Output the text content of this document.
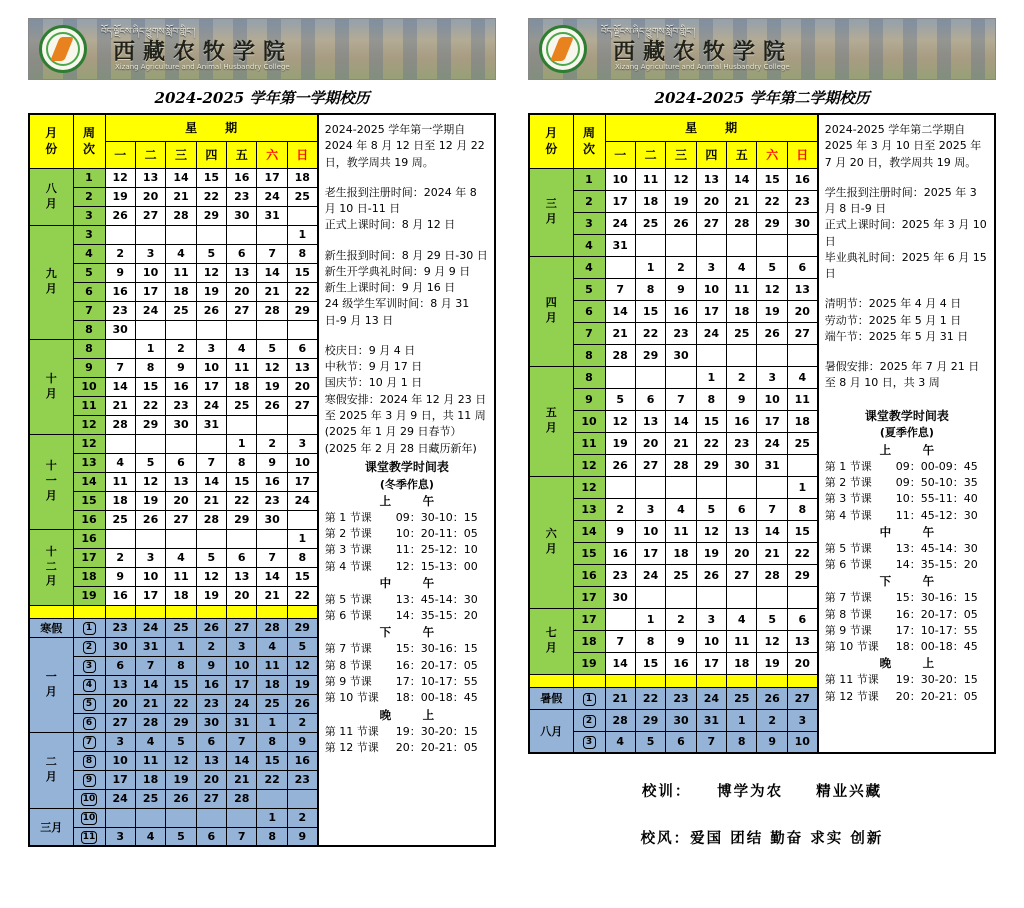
བོད་ལྗོངས་ཞིང་ཕྱུགས་སློབ་གླིང་།
西藏农牧学院
Xizang Agriculture and Animal Husbandry College
2024-2025 学年第一学期校历
月份	周次	星期						
		一	二	三	四	五	六	日

八月	1	12	13	14	15	16	17	18
	2	19	20	21	22	23	24	25
	3	26	27	28	29	30	31	

九月	3							1
	4	2	3	4	5	6	7	8
	5	9	10	11	12	13	14	15
	6	16	17	18	19	20	21	22
	7	23	24	25	26	27	28	29
	8	30						

十月	8		1	2	3	4	5	6
	9	7	8	9	10	11	12	13
	10	14	15	16	17	18	19	20
	11	21	22	23	24	25	26	27
	12	28	29	30	31			

十一月	12					1	2	3
	13	4	5	6	7	8	9	10
	14	11	12	13	14	15	16	17
	15	18	19	20	21	22	23	24
	16	25	26	27	28	29	30	

十二月	16							1
	17	2	3	4	5	6	7	8
	18	9	10	11	12	13	14	15
	19	16	17	18	19	20	21	22

寒假	1	23	24	25	26	27	28	29

一月	2	30	31	1	2	3	4	5
	3	6	7	8	9	10	11	12
	4	13	14	15	16	17	18	19
	5	20	21	22	23	24	25	26
	6	27	28	29	30	31	1	2

二月	7	3	4	5	6	7	8	9
	8	10	11	12	13	14	15	16
	9	17	18	19	20	21	22	23
	10	24	25	26	27	28		

三月	10						1	2
	11	3	4	5	6	7	8	9
2024-2025 学年第一学期自 2024 年 8 月 12 日至 12 月 22 日，教学周共 19 周。
老生报到注册时间：2024 年 8 月 10 日-11 日
正式上课时间：8 月 12 日
新生报到时间：8 月 29 日-30 日
新生开学典礼时间：9 月 9 日
新生上课时间：9 月 16 日
24 级学生军训时间：8 月 31 日-9 月 13 日
校庆日：9 月 4 日
中秋节：9 月 17 日
国庆节：10 月 1 日
寒假安排：2024 年 12 月 23 日至 2025 年 3 月 9 日，共 11 周
(2025 年 1 月 29 日春节）
(2025 年 2 月 28 日藏历新年)
课堂教学时间表
(冬季作息)
上　午
第 1 节课	09：30-10：15
第 2 节课	10：20-11：05
第 3 节课	11：25-12：10
第 4 节课	12：15-13：00
中　午
第 5 节课	13：45-14：30
第 6 节课	14：35-15：20
下　午
第 7 节课	15：30-16：15
第 8 节课	16：20-17：05
第 9 节课	17：10-17：55
第 10 节课	18：00-18：45
晚　上
第 11 节课	19：30-20：15
第 12 节课	20：20-21：05
བོད་ལྗོངས་ཞིང་ཕྱུགས་སློབ་གླིང་།
西藏农牧学院
Xizang Agriculture and Animal Husbandry College
2024-2025 学年第二学期校历
月份	周次	星期						
		一	二	三	四	五	六	日

三月	1	10	11	12	13	14	15	16
	2	17	18	19	20	21	22	23
	3	24	25	26	27	28	29	30
	4	31						

四月	4		1	2	3	4	5	6
	5	7	8	9	10	11	12	13
	6	14	15	16	17	18	19	20
	7	21	22	23	24	25	26	27
	8	28	29	30				

五月	8				1	2	3	4
	9	5	6	7	8	9	10	11
	10	12	13	14	15	16	17	18
	11	19	20	21	22	23	24	25
	12	26	27	28	29	30	31	

六月	12							1
	13	2	3	4	5	6	7	8
	14	9	10	11	12	13	14	15
	15	16	17	18	19	20	21	22
	16	23	24	25	26	27	28	29
	17	30						

七月	17		1	2	3	4	5	6
	18	7	8	9	10	11	12	13
	19	14	15	16	17	18	19	20

暑假	1	21	22	23	24	25	26	27

八月	2	28	29	30	31	1	2	3
	3	4	5	6	7	8	9	10
2024-2025 学年第二学期自 2025 年 3 月 10 日至 2025 年 7 月 20 日，教学周共 19 周。
学生报到注册时间：2025 年 3 月 8 日-9 日
正式上课时间：2025 年 3 月 10 日
毕业典礼时间：2025 年 6 月 15 日
清明节：2025 年 4 月 4 日
劳动节：2025 年 5 月 1 日
端午节：2025 年 5 月 31 日
暑假安排：2025 年 7 月 21 日至 8 月 10 日，共 3 周
课堂教学时间表
(夏季作息)
上　午
第 1 节课	09：00-09：45
第 2 节课	09：50-10：35
第 3 节课	10：55-11：40
第 4 节课	11：45-12：30
中　午
第 5 节课	13：45-14：30
第 6 节课	14：35-15：20
下　午
第 7 节课	15：30-16：15
第 8 节课	16：20-17：05
第 9 节课	17：10-17：55
第 10 节课	18：00-18：45
晚　上
第 11 节课	19：30-20：15
第 12 节课	20：20-21：05
校训：　　博学为农　　精业兴藏
校风：爱国 团结 勤奋 求实 创新
